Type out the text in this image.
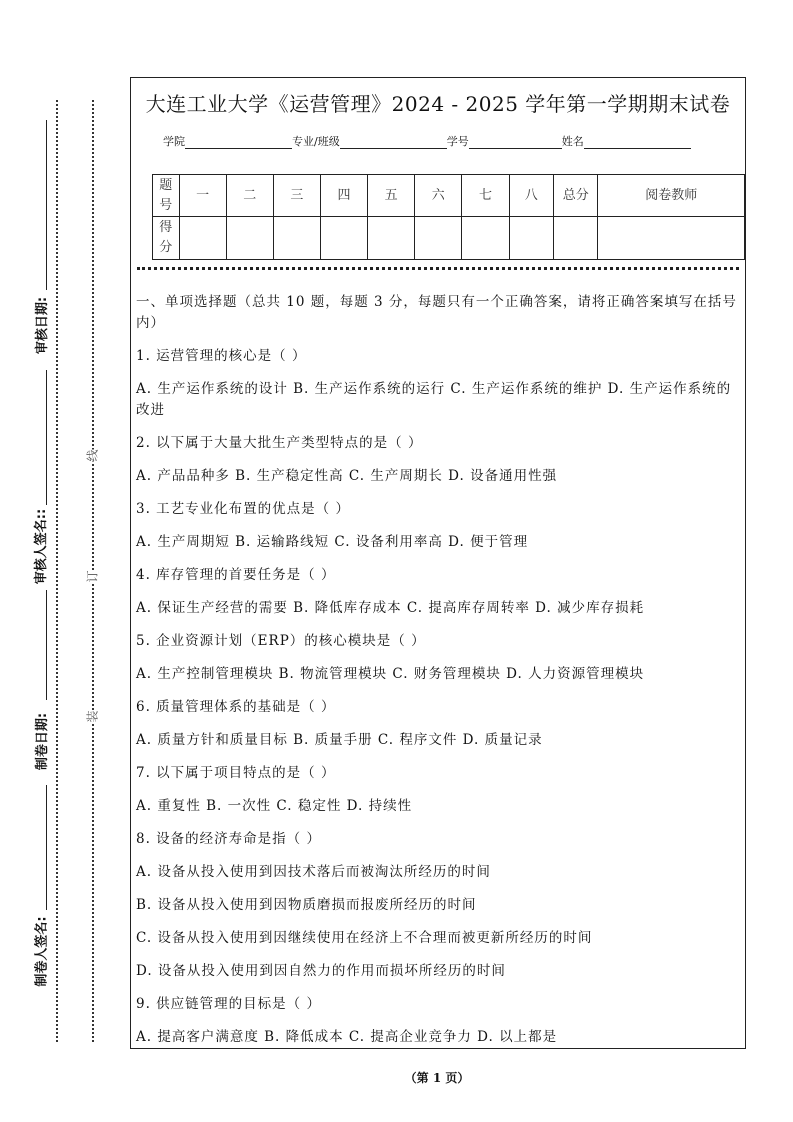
审核日期:
审核人签名::
制卷日期:
制卷人签名:
线
订
装
大连工业大学《运营管理》2024 - 2025 学年第一学期期末试卷
学院	专业/班级	学号	姓名
题号	一	二	三	四	五	六	七	八	总分	阅卷教师
得分										
一、单项选择题（总共 10 题，每题 3 分，每题只有一个正确答案，请将正确答案填写在括号内）
1. 运营管理的核心是（ ）
A. 生产运作系统的设计 B. 生产运作系统的运行 C. 生产运作系统的维护 D. 生产运作系统的改进
2. 以下属于大量大批生产类型特点的是（ ）
A. 产品品种多 B. 生产稳定性高 C. 生产周期长 D. 设备通用性强
3. 工艺专业化布置的优点是（ ）
A. 生产周期短 B. 运输路线短 C. 设备利用率高 D. 便于管理
4. 库存管理的首要任务是（ ）
A. 保证生产经营的需要 B. 降低库存成本 C. 提高库存周转率 D. 减少库存损耗
5. 企业资源计划（ERP）的核心模块是（ ）
A. 生产控制管理模块 B. 物流管理模块 C. 财务管理模块 D. 人力资源管理模块
6. 质量管理体系的基础是（ ）
A. 质量方针和质量目标 B. 质量手册 C. 程序文件 D. 质量记录
7. 以下属于项目特点的是（ ）
A. 重复性 B. 一次性 C. 稳定性 D. 持续性
8. 设备的经济寿命是指（ ）
A. 设备从投入使用到因技术落后而被淘汰所经历的时间
B. 设备从投入使用到因物质磨损而报废所经历的时间
C. 设备从投入使用到因继续使用在经济上不合理而被更新所经历的时间
D. 设备从投入使用到因自然力的作用而损坏所经历的时间
9. 供应链管理的目标是（ ）
A. 提高客户满意度 B. 降低成本 C. 提高企业竞争力 D. 以上都是
（第 1 页）
